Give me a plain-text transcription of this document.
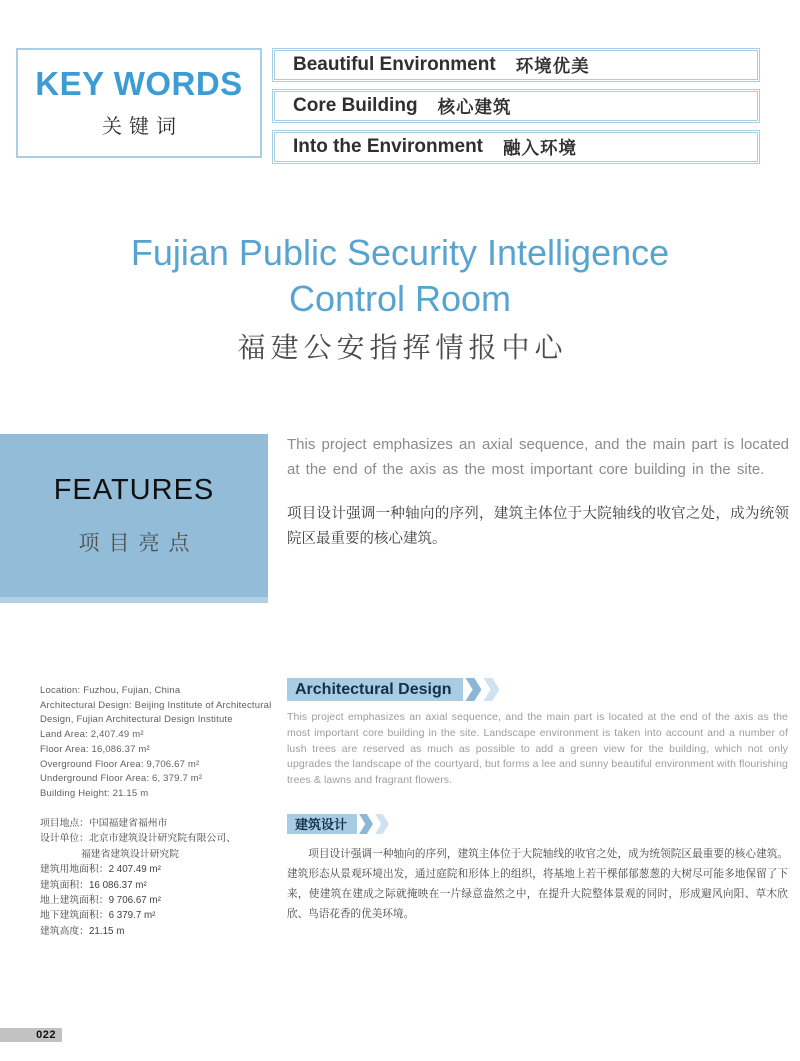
KEY WORDS
关键词
Beautiful Environment 环境优美
Core Building 核心建筑
Into the Environment 融入环境
Fujian Public Security Intelligence
Control Room
福建公安指挥情报中心
FEATURES
项目亮点
This project emphasizes an axial sequence, and the main part is located at the end of the axis as the most important core building in the site.
项目设计强调一种轴向的序列，建筑主体位于大院轴线的收官之处，成为统领院区最重要的核心建筑。
Location: Fuzhou, Fujian, China
Architectural Design: Beijing Institute of Architectural
Design, Fujian Architectural Design Institute
Land Area: 2,407.49 m²
Floor Area: 16,086.37 m²
Overground Floor Area: 9,706.67 m²
Underground Floor Area: 6, 379.7 m²
Building Height: 21.15 m
项目地点：中国福建省福州市
设计单位：北京市建筑设计研究院有限公司、
福建省建筑设计研究院
建筑用地面积：2 407.49 m²
建筑面积：16 086.37 m²
地上建筑面积：9 706.67 m²
地下建筑面积：6 379.7 m²
建筑高度：21.15 m
Architectural Design
This project emphasizes an axial sequence, and the main part is located at the end of the axis as the most important core building in the site. Landscape environment is taken into account and a number of lush trees are reserved as much as possible to add a green view for the building, which not only upgrades the landscape of the courtyard, but forms a lee and sunny beautiful environment with flourishing trees & lawns and fragrant flowers.
建筑设计
项目设计强调一种轴向的序列，建筑主体位于大院轴线的收官之处，成为统领院区最重要的核心建筑。建筑形态从景观环境出发，通过庭院和形体上的组织，将基地上若干棵郁郁葱葱的大树尽可能多地保留了下来，使建筑在建成之际就掩映在一片绿意盎然之中，在提升大院整体景观的同时，形成避风向阳、草木欣欣、鸟语花香的优美环境。
022
